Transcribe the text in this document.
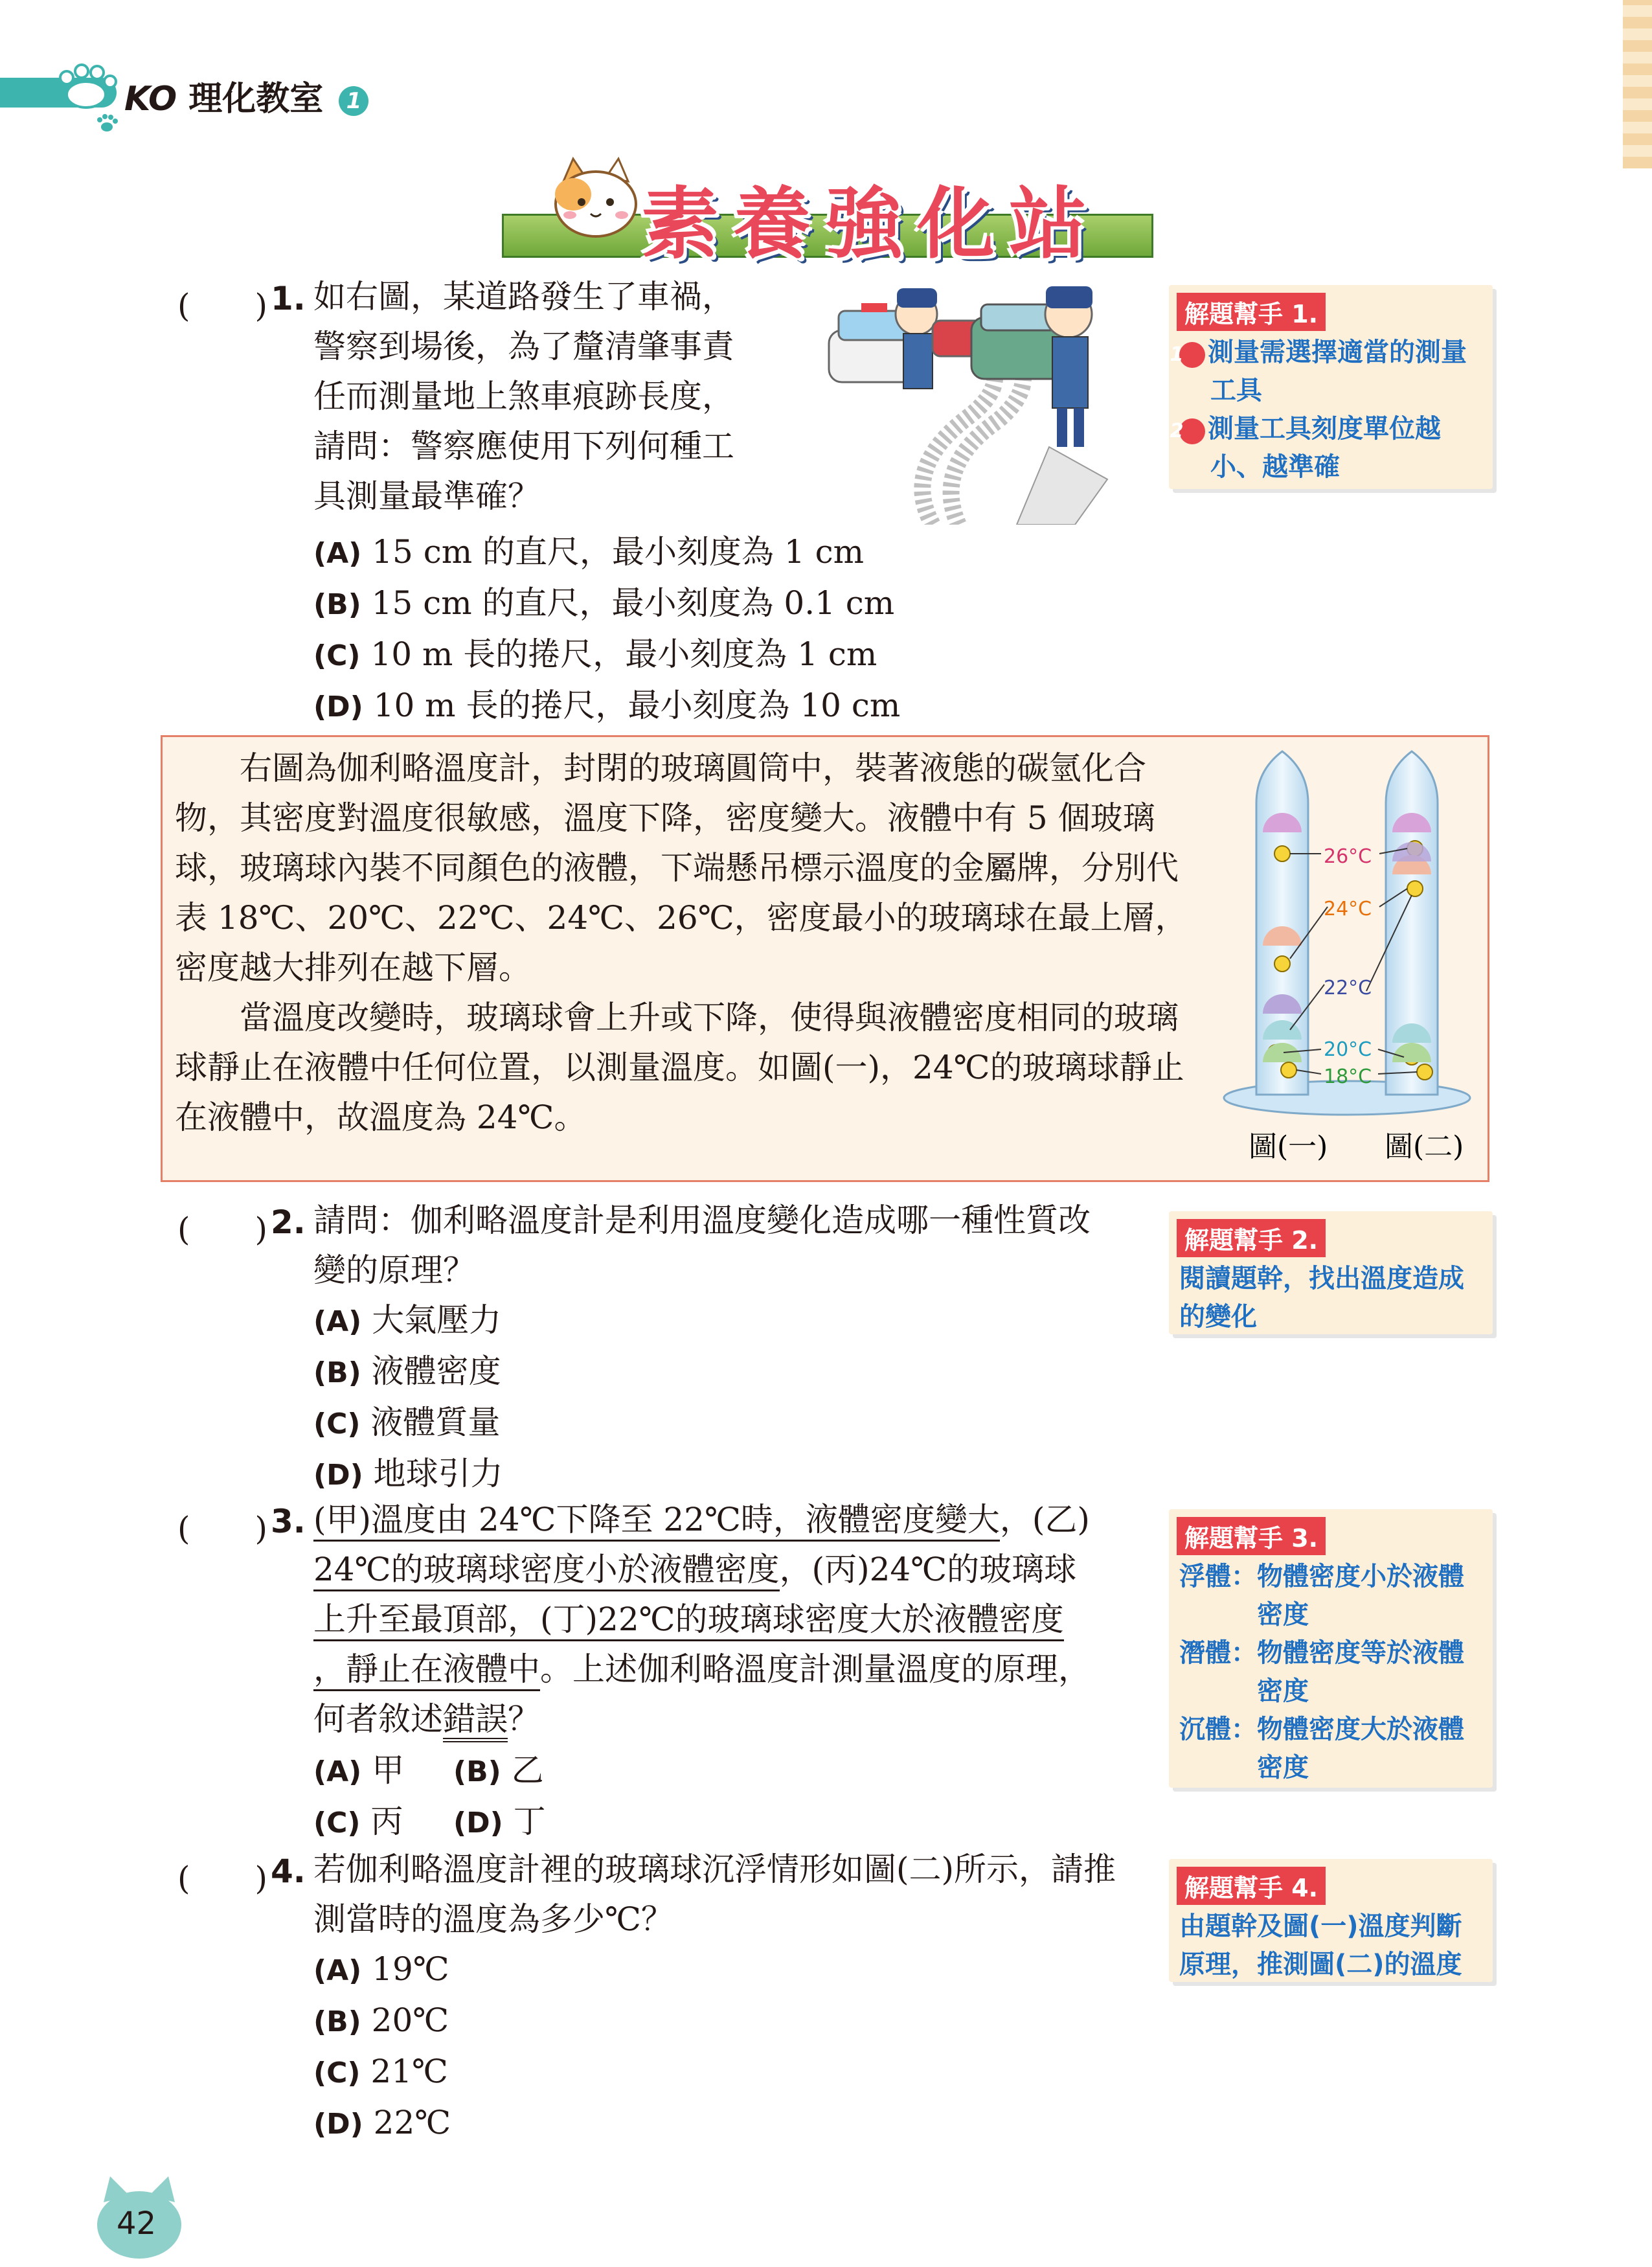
KO 理化教室 1
素養強化站
(　　) 1. 如右圖，某道路發生了車禍，
警察到場後，為了釐清肇事責
任而測量地上煞車痕跡長度，
請問：警察應使用下列何種工
具測量最準確？
(A) 15 cm 的直尺，最小刻度為 1 cm
(B) 15 cm 的直尺，最小刻度為 0.1 cm
(C) 10 m 長的捲尺，最小刻度為 1 cm
(D) 10 m 長的捲尺，最小刻度為 10 cm
解題幫手 1.
1 測量需選擇適當的測量工具
2 測量工具刻度單位越小、越準確

右圖為伽利略溫度計，封閉的玻璃圓筒中，裝著液態的碳氫化合物，其密度對溫度很敏感，溫度下降，密度變大。液體中有 5 個玻璃球，玻璃球內裝不同顏色的液體，下端懸吊標示溫度的金屬牌，分別代表 18℃、20℃、22℃、24℃、26℃，密度最小的玻璃球在最上層，密度越大排列在越下層。

當溫度改變時，玻璃球會上升或下降，使得與液體密度相同的玻璃球靜止在液體中任何位置，以測量溫度。如圖(一)，24℃的玻璃球靜止在液體中，故溫度為 24℃。

26°C
24°C
22°C
20°C
18°C
圖(一) 圖(二)
(　　) 2. 請問：伽利略溫度計是利用溫度變化造成哪一種性質改
變的原理？
(A) 大氣壓力
(B) 液體密度
(C) 液體質量
(D) 地球引力
解題幫手 2.
閱讀題幹，找出溫度造成的變化
(　　) 3. (甲)溫度由 24℃下降至 22℃時，液體密度變大，(乙)
24℃的玻璃球密度小於液體密度，(丙)24℃的玻璃球
上升至最頂部，(丁)22℃的玻璃球密度大於液體密度
，靜止在液體中。上述伽利略溫度計測量溫度的原理，
何者敘述錯誤？
(A) 甲 (B) 乙
(C) 丙 (D) 丁
解題幫手 3.
浮體：物體密度小於液體密度
潛體：物體密度等於液體密度
沉體：物體密度大於液體密度
(　　) 4. 若伽利略溫度計裡的玻璃球沉浮情形如圖(二)所示，請推
測當時的溫度為多少℃？
(A) 19℃
(B) 20℃
(C) 21℃
(D) 22℃
解題幫手 4.
由題幹及圖(一)溫度判斷原理，推測圖(二)的溫度
42
